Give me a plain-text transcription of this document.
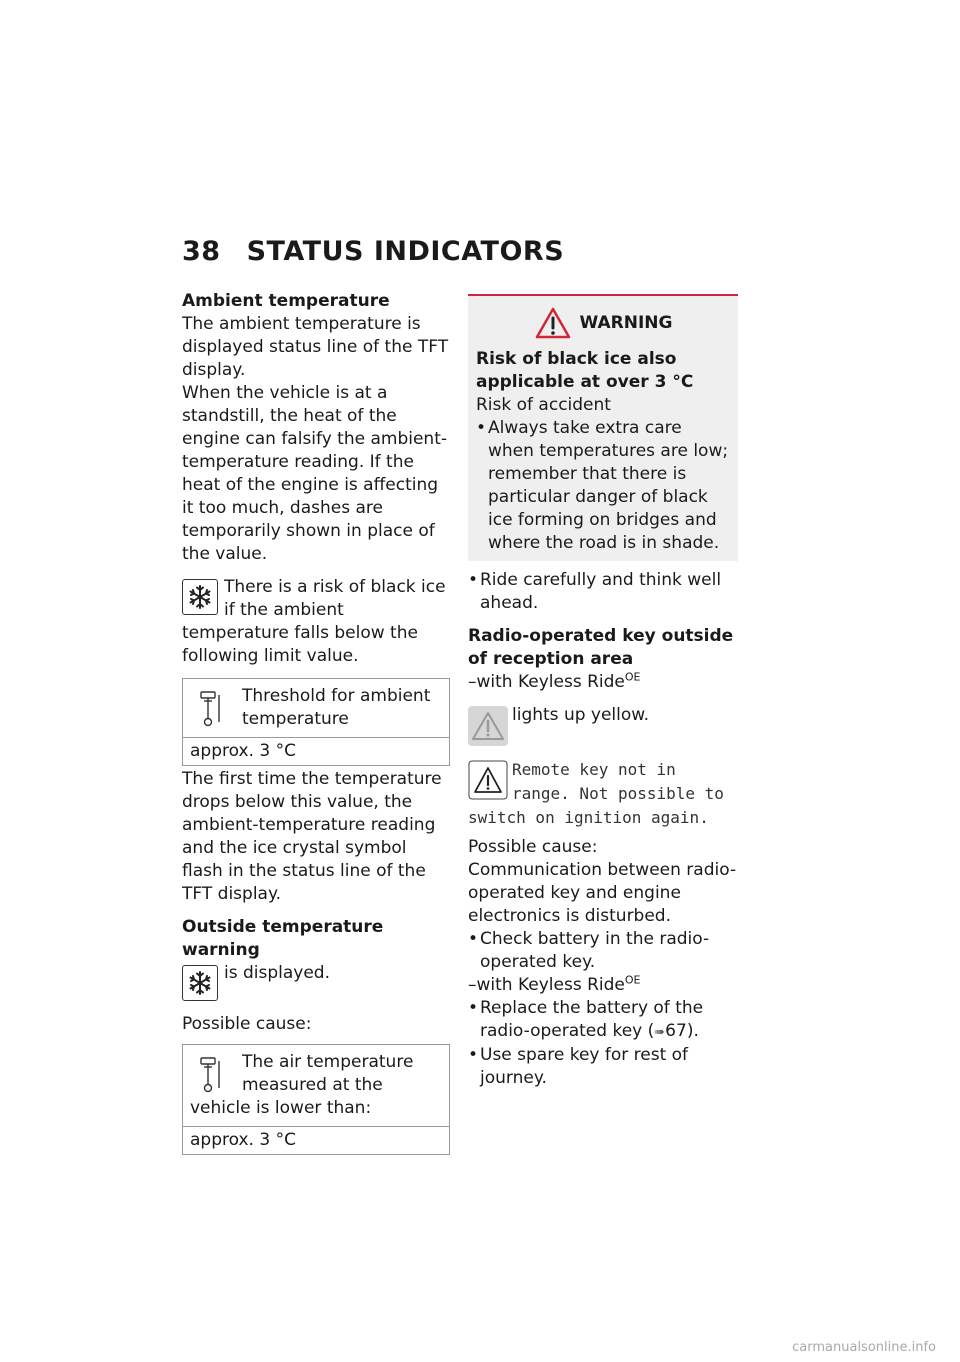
38 STATUS INDICATORS

Ambient temperature

The ambient temperature is displayed status line of the TFT display.

When the vehicle is at a standstill, the heat of the engine can falsify the ambient-temperature reading. If the heat of the engine is affecting it too much, dashes are temporarily shown in place of the value.

There is a risk of black ice if the ambient temperature falls below the following limit value.
Threshold for ambient temperature

approx. 3 °C

The first time the temperature drops below this value, the ambient-temperature reading and the ice crystal symbol flash in the status line of the TFT display.

Outside temperature warning

is displayed.

Possible cause:

The air temperature measured at the vehicle is lower than:

approx. 3 °C
WARNING

Risk of black ice also applicable at over 3 °C

Risk of accident

• Always take extra care when temperatures are low; remember that there is particular danger of black ice forming on bridges and where the road is in shade.
• Ride carefully and think well ahead.

Radio-operated key outside of reception area

–with Keyless Ride$^{OE}$

lights up yellow.
Remote key not in range. Not possible to switch on ignition again.

Possible cause:

Communication between radio-operated key and engine electronics is disturbed.

• Check battery in the radio-operated key.

–with Keyless Ride$^{OE}$

• Replace the battery of the radio-operated key (➠67).
• Use spare key for rest of journey.
carmanualsonline.info
